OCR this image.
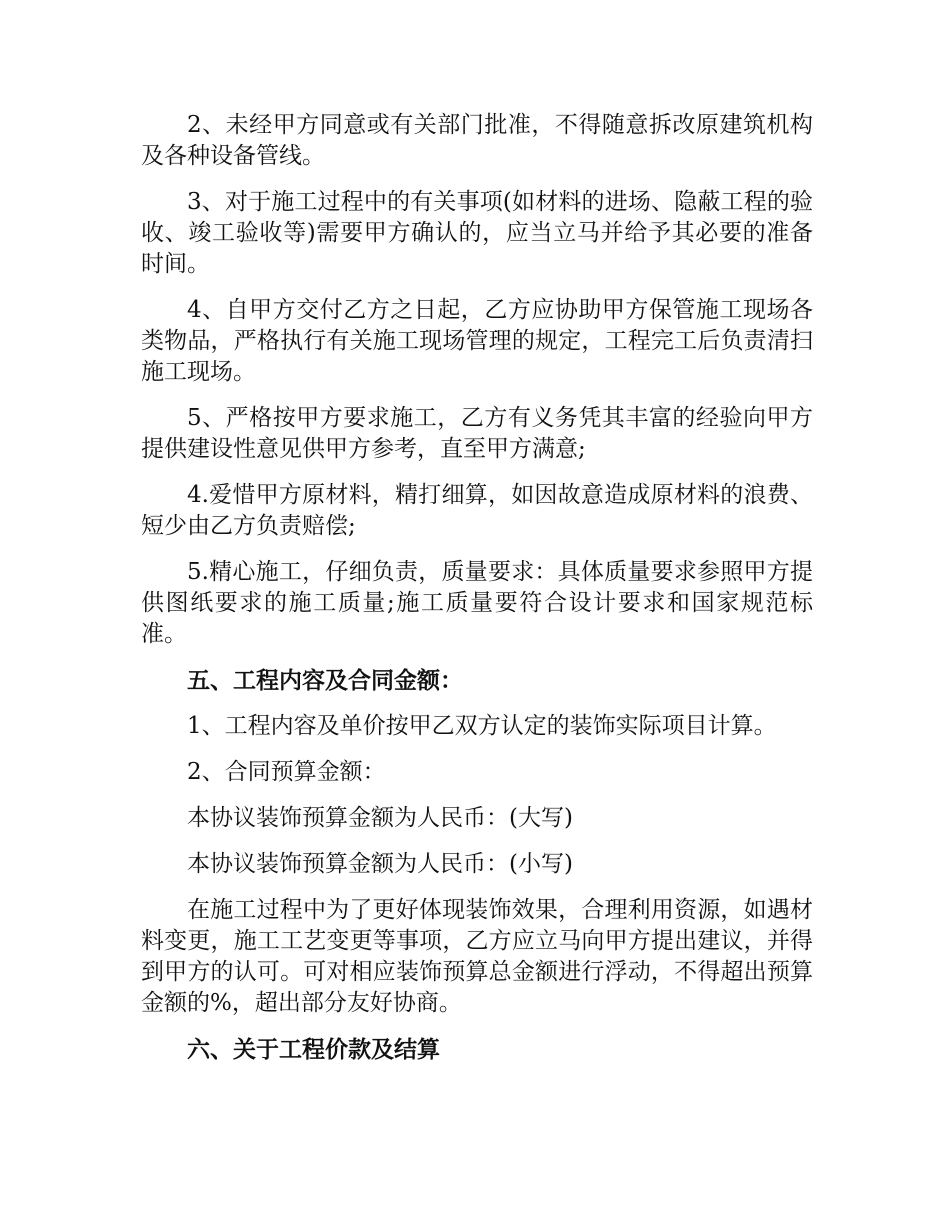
2、未经甲方同意或有关部门批准，不得随意拆改原建筑机构及各种设备管线。

3、对于施工过程中的有关事项(如材料的进场、隐蔽工程的验收、竣工验收等)需要甲方确认的，应当立马并给予其必要的准备时间。

4、自甲方交付乙方之日起，乙方应协助甲方保管施工现场各类物品，严格执行有关施工现场管理的规定，工程完工后负责清扫施工现场。

5、严格按甲方要求施工，乙方有义务凭其丰富的经验向甲方提供建设性意见供甲方参考，直至甲方满意;

4.爱惜甲方原材料，精打细算，如因故意造成原材料的浪费、短少由乙方负责赔偿;

5.精心施工，仔细负责，质量要求：具体质量要求参照甲方提供图纸要求的施工质量;施工质量要符合设计要求和国家规范标准。

五、工程内容及合同金额：

1、工程内容及单价按甲乙双方认定的装饰实际项目计算。

2、合同预算金额：

本协议装饰预算金额为人民币：(大写)

本协议装饰预算金额为人民币：(小写)

在施工过程中为了更好体现装饰效果，合理利用资源，如遇材料变更，施工工艺变更等事项，乙方应立马向甲方提出建议，并得到甲方的认可。可对相应装饰预算总金额进行浮动，不得超出预算金额的%，超出部分友好协商。

六、关于工程价款及结算
